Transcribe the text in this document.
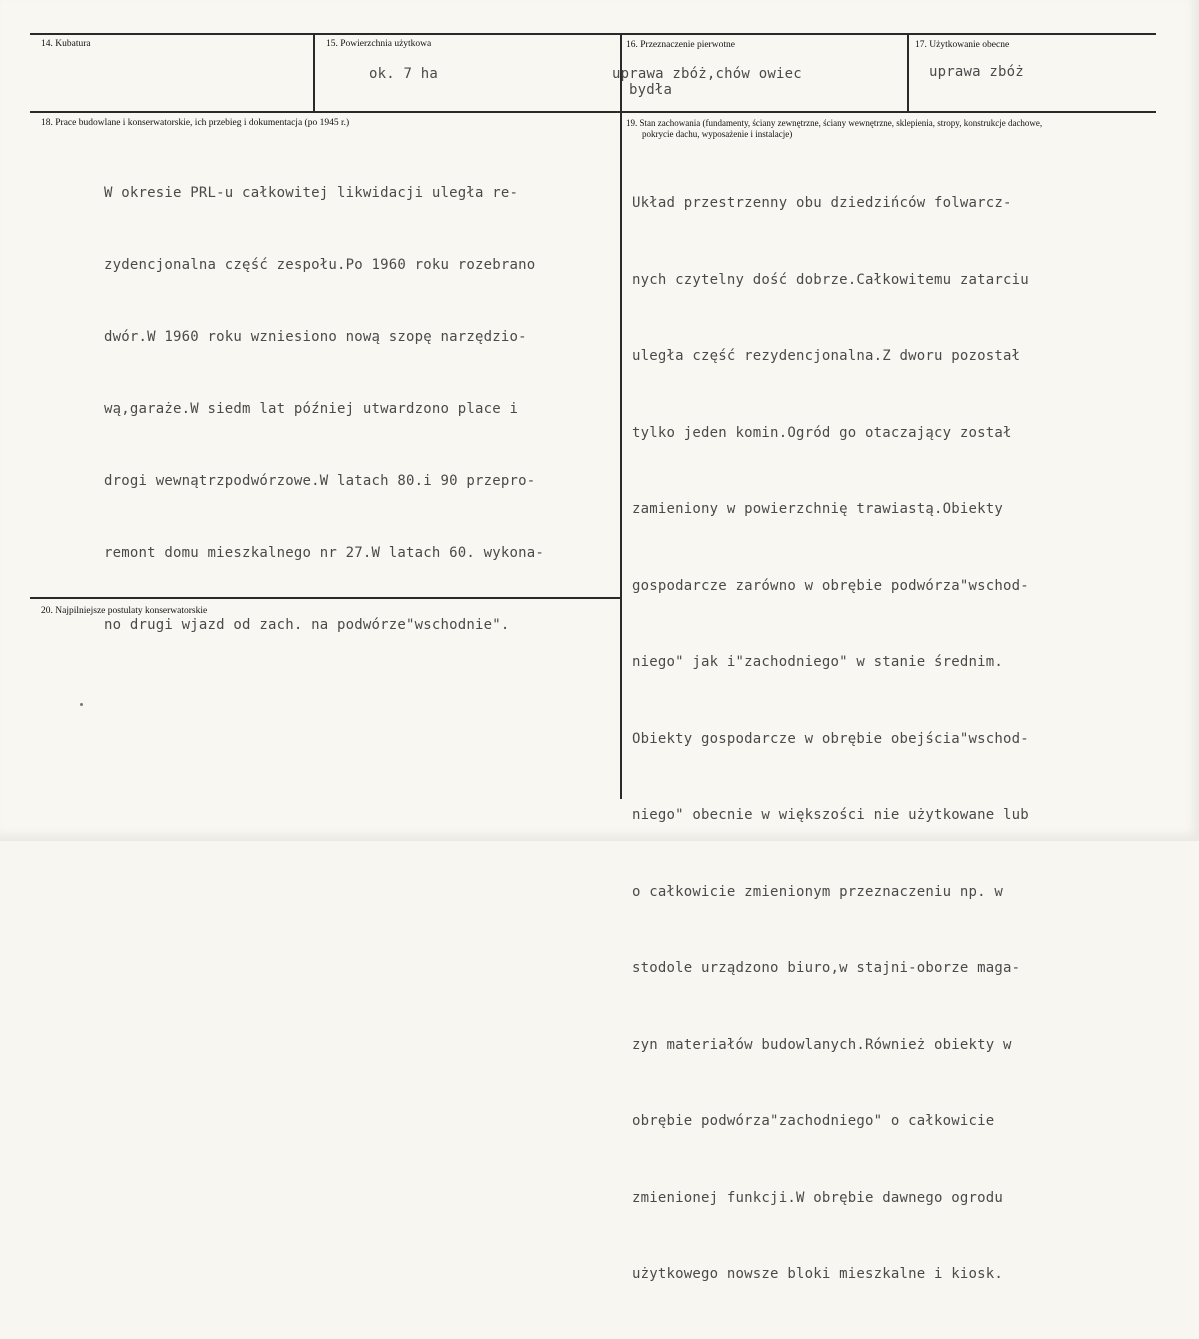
14. Kubatura	15. Powierzchnia użytkowa
ok. 7 ha
16. Przeznaczenie pierwotne
uprawa zbóż,chów owiec
bydła
17. Użytkowanie obecne
uprawa zbóż
18. Prace budowlane i konserwatorskie, ich przebieg i dokumentacja (po 1945 r.)

W okresie PRL-u całkowitej likwidacji uległa re-

zydencjonalna część zespołu.Po 1960 roku rozebrano

dwór.W 1960 roku wzniesiono nową szopę narzędzio-

wą,garaże.W siedm lat później utwardzono place i

drogi wewnątrzpodwórzowe.W latach 80.i 90 przepro-

remont domu mieszkalnego nr 27.W latach 60. wykona-

no drugi wjazd od zach. na podwórze"wschodnie".

19. Stan zachowania (fundamenty, ściany zewnętrzne, ściany wewnętrzne, sklepienia, stropy, konstrukcje dachowe,
pokrycie dachu, wyposażenie i instalacje)

Układ przestrzenny obu dziedzińców folwarcz-

nych czytelny dość dobrze.Całkowitemu zatarciu

uległa część rezydencjonalna.Z dworu pozostał

tylko jeden komin.Ogród go otaczający został

zamieniony w powierzchnię trawiastą.Obiekty

gospodarcze zarówno w obrębie podwórza"wschod-

niego" jak i"zachodniego" w stanie średnim.

Obiekty gospodarcze w obrębie obejścia"wschod-

niego" obecnie w większości nie użytkowane lub

o całkowicie zmienionym przeznaczeniu np. w

stodole urządzono biuro,w stajni-oborze maga-

zyn materiałów budowlanych.Również obiekty w

obrębie podwórza"zachodniego" o całkowicie

zmienionej funkcji.W obrębie dawnego ogrodu

użytkowego nowsze bloki mieszkalne i kiosk.

20. Najpilniejsze postulaty konserwatorskie
